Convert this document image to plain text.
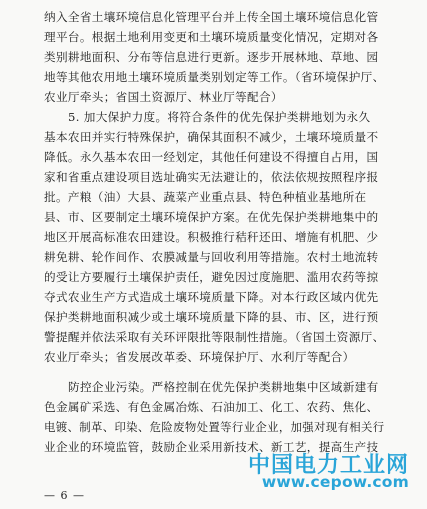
纳入全省土壤环境信息化管理平台并上传全国土壤环境信息化管
理平台。根据土地利用变更和土壤环境质量变化情况，定期对各
类别耕地面积、分布等信息进行更新。逐步开展林地、草地、园
地等其他农用地土壤环境质量类别划定等工作。（省环境保护厅、
农业厅牵头；省国土资源厅、林业厅等配合）
5. 加大保护力度。将符合条件的优先保护类耕地划为永久
基本农田并实行特殊保护，确保其面积不减少，土壤环境质量不
降低。永久基本农田一经划定，其他任何建设不得擅自占用，国
家和省重点建设项目选址确实无法避让的，依法依规按照程序报
批。产粮（油）大县、蔬菜产业重点县、特色种植业基地所在
县、市、区要制定土壤环境保护方案。在优先保护类耕地集中的
地区开展高标准农田建设。积极推行秸秆还田、增施有机肥、少
耕免耕、轮作间作、农膜减量与回收利用等措施。农村土地流转
的受让方要履行土壤保护责任，避免因过度施肥、滥用农药等掠
夺式农业生产方式造成土壤环境质量下降。对本行政区域内优先
保护类耕地面积减少或土壤环境质量下降的县、市、区，进行预
警提醒并依法采取有关环评限批等限制性措施。（省国土资源厅、
农业厅牵头；省发展改革委、环境保护厅、水利厅等配合）
防控企业污染。严格控制在优先保护类耕地集中区域新建有
色金属矿采选、有色金属冶炼、石油加工、化工、农药、焦化、
电镀、制革、印染、危险废物处置等行业企业，加强对现有相关行
业企业的环境监管，鼓励企业采用新技术、新工艺，提高生产技
中国电力工业网
www.cepow.com
— 6 —
